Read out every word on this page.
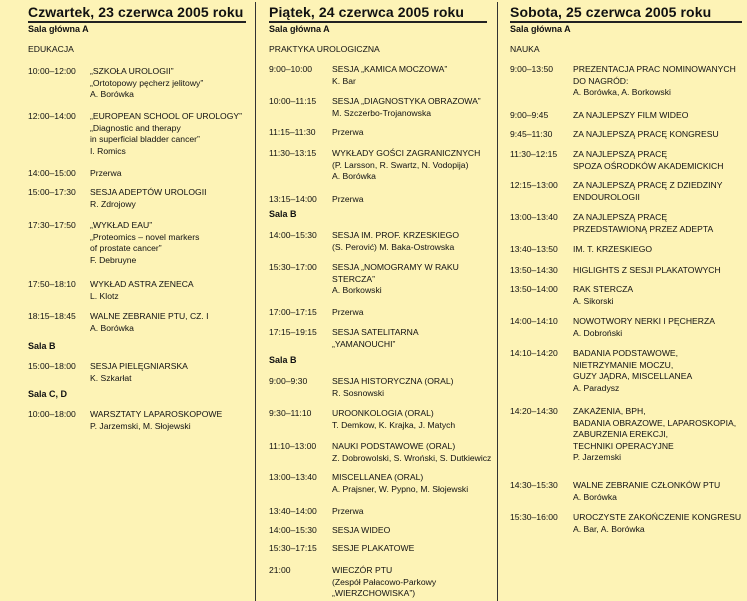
Czwartek, 23 czerwca 2005 roku
Sala główna A
EDUKACJA
10:00–12:00 „SZKOŁA UROLOGII”
„Ortotopowy pęcherz jelitowy”
A. Borówka
12:00–14:00 „EUROPEAN SCHOOL OF UROLOGY”
„Diagnostic and therapy
in superficial bladder cancer”
I. Romics
14:00–15:00 Przerwa
15:00–17:30 SESJA ADEPTÓW UROLOGII
R. Zdrojowy
17:30–17:50 „WYKŁAD EAU”
„Proteomics – novel markers
of prostate cancer”
F. Debruyne
17:50–18:10 WYKŁAD ASTRA ZENECA
L. Klotz
18:15–18:45 WALNE ZEBRANIE PTU, CZ. I
A. Borówka
Sala B
15:00–18:00 SESJA PIELĘGNIARSKA
K. Szkarłat
Sala C, D
10:00–18:00 WARSZTATY LAPAROSKOPOWE
P. Jarzemski, M. Słojewski
Piątek, 24 czerwca 2005 roku
Sala główna A
PRAKTYKA UROLOGICZNA
9:00–10:00 SESJA „KAMICA MOCZOWA”
K. Bar
10:00–11:15 SESJA „DIAGNOSTYKA OBRAZOWA”
M. Szczerbo-Trojanowska
11:15–11:30 Przerwa
11:30–13:15 WYKŁADY GOŚCI ZAGRANICZNYCH
(P. Larsson, R. Swartz, N. Vodopija)
A. Borówka
13:15–14:00 Przerwa
Sala B
14:00–15:30 SESJA IM. PROF. KRZESKIEGO
(S. Perović) M. Baka-Ostrowska
15:30–17:00 SESJA „NOMOGRAMY W RAKU
STERCZA”
A. Borkowski
17:00–17:15 Przerwa
17:15–19:15 SESJA SATELITARNA
„YAMANOUCHI”
Sala B
9:00–9:30	SESJA HISTORYCZNA (ORAL)
R. Sosnowski
9:30–11:10 UROONKOLOGIA (ORAL)
T. Demkow, K. Krajka, J. Matych
11:10–13:00 NAUKI PODSTAWOWE (ORAL)
Z. Dobrowolski, S. Wroński, S. Dutkiewicz
13:00–13:40 MISCELLANEA (ORAL)
A. Prajsner, W. Pypno, M. Słojewski
13:40–14:00 Przerwa
14:00–15:30 SESJA WIDEO
15:30–17:15 SESJE PLAKATOWE
21:00	WIECZÓR PTU
(Zespół Pałacowo-Parkowy
„WIERZCHOWISKA”)
Sobota, 25 czerwca 2005 roku
Sala główna A
NAUKA
9:00–13:50 PREZENTACJA PRAC NOMINOWANYCH
DO NAGRÓD:
A. Borówka, A. Borkowski
9:00–9:45	ZA NAJLEPSZY FILM WIDEO
9:45–11:30 ZA NAJLEPSZĄ PRACĘ KONGRESU
11:30–12:15 ZA NAJLEPSZĄ PRACĘ
SPOZA OŚRODKÓW AKADEMICKICH
12:15–13:00 ZA NAJLEPSZĄ PRACĘ Z DZIEDZINY
ENDOUROLOGII
13:00–13:40 ZA NAJLEPSZĄ PRACĘ
PRZEDSTAWIONĄ PRZEZ ADEPTA
13:40–13:50 IM. T. KRZESKIEGO
13:50–14:30 HIGLIGHTS Z SESJI PLAKATOWYCH
13:50–14:00 RAK STERCZA
A. Sikorski
14:00–14:10 NOWOTWORY NERKI I PĘCHERZA
A. Dobroński
14:10–14:20 BADANIA PODSTAWOWE,
NIETRZYMANIE MOCZU,
GUZY JĄDRA, MISCELLANEA
A. Paradysz
14:20–14:30 ZAKAŻENIA, BPH,
BADANIA OBRAZOWE, LAPAROSKOPIA,
ZABURZENIA EREKCJI,
TECHNIKI OPERACYJNE
P. Jarzemski
14:30–15:30 WALNE ZEBRANIE CZŁONKÓW PTU
A. Borówka
15:30–16:00 UROCZYSTE ZAKOŃCZENIE KONGRESU
A. Bar, A. Borówka
